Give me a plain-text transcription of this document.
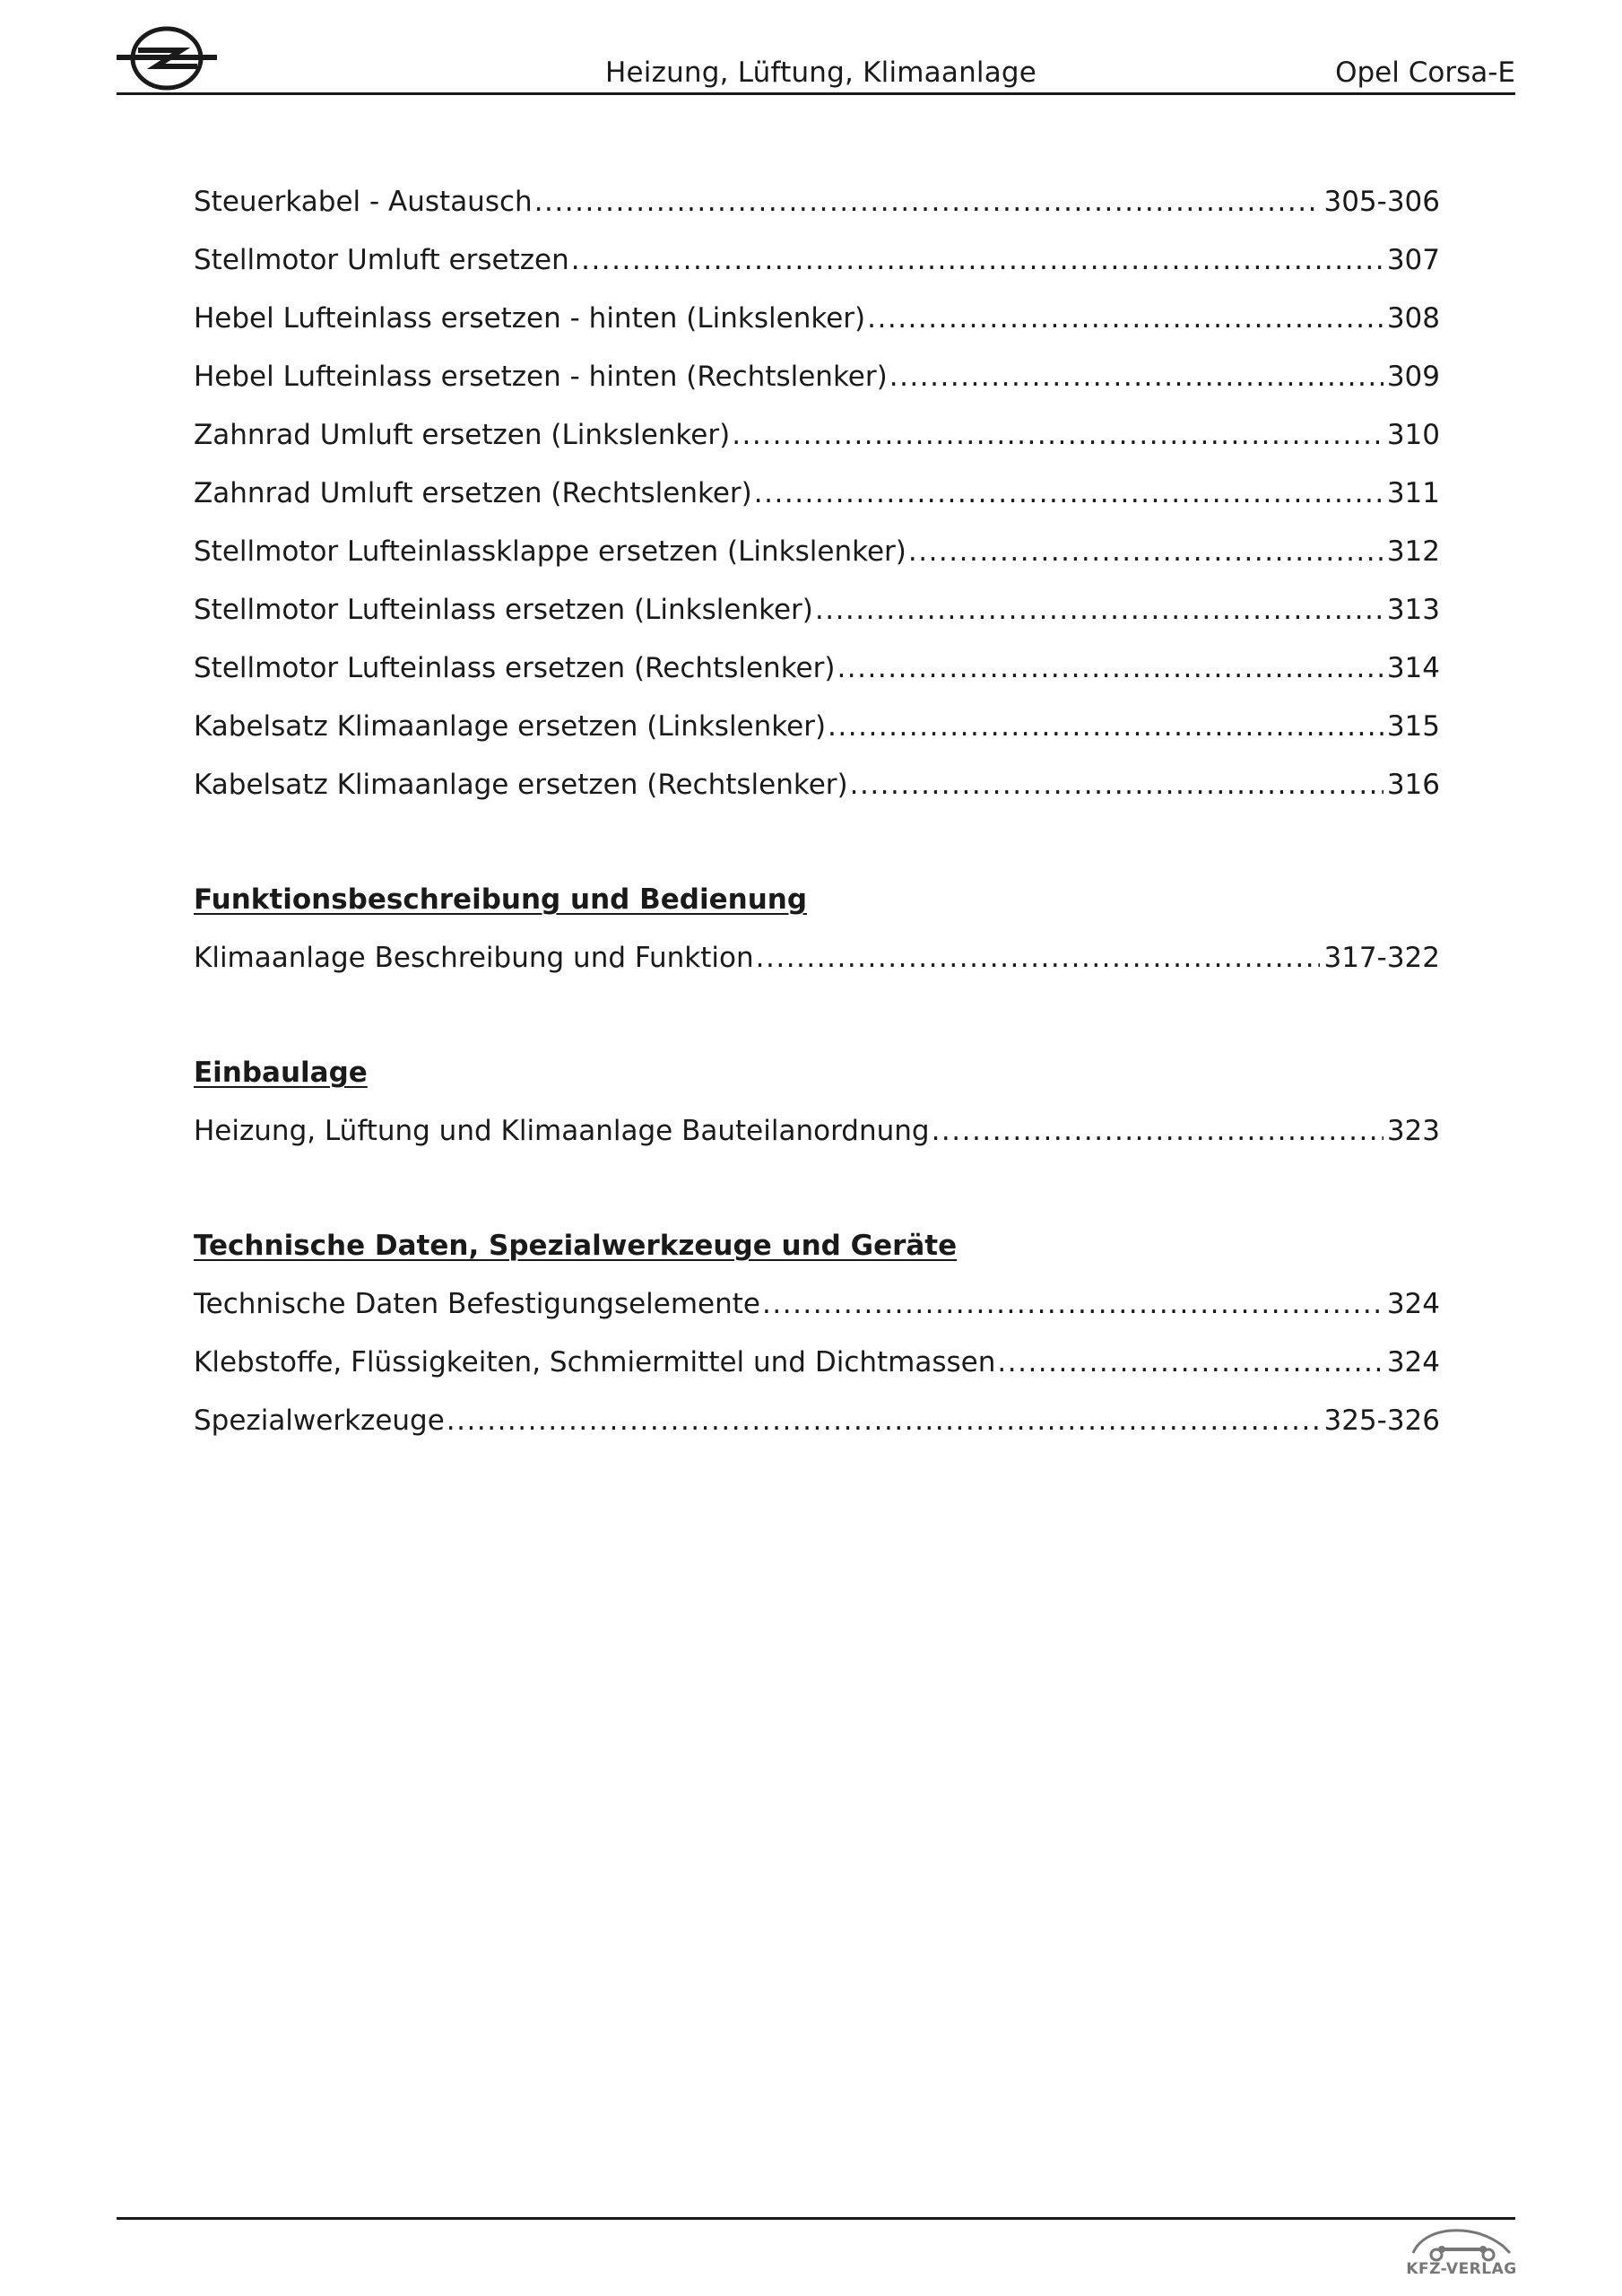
Heizung, Lüftung, Klimaanlage	Opel Corsa-E
Steuerkabel - Austausch .....	305-306
Stellmotor Umluft ersetzen .....	307
Hebel Lufteinlass ersetzen - hinten (Linkslenker) .....	308
Hebel Lufteinlass ersetzen - hinten (Rechtslenker) .....	309
Zahnrad Umluft ersetzen (Linkslenker) .....	310
Zahnrad Umluft ersetzen (Rechtslenker) .....	311
Stellmotor Lufteinlassklappe ersetzen (Linkslenker) .....	312
Stellmotor Lufteinlass ersetzen (Linkslenker) .....	313
Stellmotor Lufteinlass ersetzen (Rechtslenker) .....	314
Kabelsatz Klimaanlage ersetzen (Linkslenker) .....	315
Kabelsatz Klimaanlage ersetzen (Rechtslenker) .....	316
Funktionsbeschreibung und Bedienung
Klimaanlage Beschreibung und Funktion .....	317-322
Einbaulage
Heizung, Lüftung und Klimaanlage Bauteilanordnung .....	323
Technische Daten, Spezialwerkzeuge und Geräte
Technische Daten Befestigungselemente .....	324
Klebstoffe, Flüssigkeiten, Schmiermittel und Dichtmassen .....	324
Spezialwerkzeuge .....	325-326
KFZ-VERLAG
